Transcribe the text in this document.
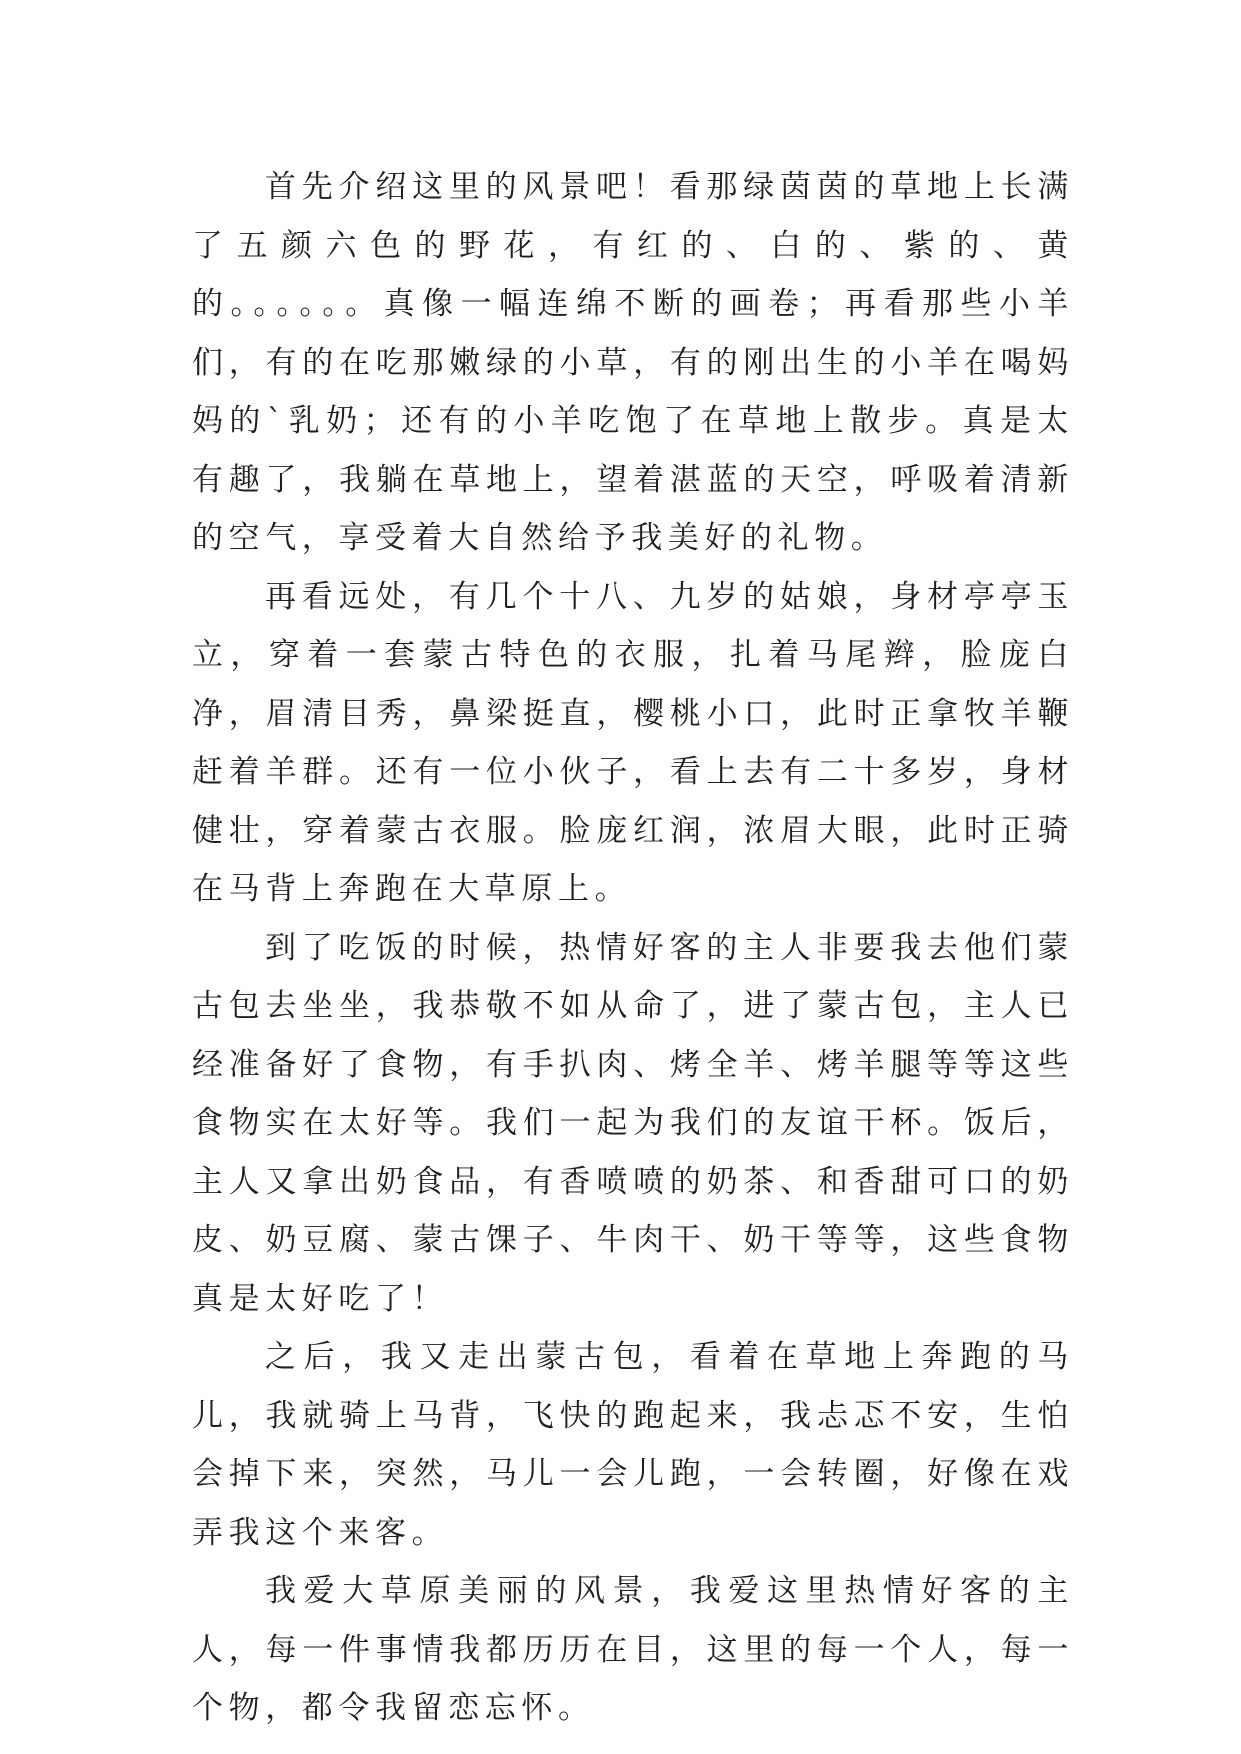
首先介绍这里的风景吧！看那绿茵茵的草地上长满了五颜六色的野花，有红的、白的、紫的、黄的。。。。。。真像一幅连绵不断的画卷；再看那些小羊们，有的在吃那嫩绿的小草，有的刚出生的小羊在喝妈妈的`乳奶；还有的小羊吃饱了在草地上散步。真是太有趣了，我躺在草地上，望着湛蓝的天空，呼吸着清新的空气，享受着大自然给予我美好的礼物。

再看远处，有几个十八、九岁的姑娘，身材亭亭玉立，穿着一套蒙古特色的衣服，扎着马尾辫，脸庞白净，眉清目秀，鼻梁挺直，樱桃小口，此时正拿牧羊鞭赶着羊群。还有一位小伙子，看上去有二十多岁，身材健壮，穿着蒙古衣服。脸庞红润，浓眉大眼，此时正骑在马背上奔跑在大草原上。

到了吃饭的时候，热情好客的主人非要我去他们蒙古包去坐坐，我恭敬不如从命了，进了蒙古包，主人已经准备好了食物，有手扒肉、烤全羊、烤羊腿等等这些食物实在太好等。我们一起为我们的友谊干杯。饭后，主人又拿出奶食品，有香喷喷的奶茶、和香甜可口的奶皮、奶豆腐、蒙古馃子、牛肉干、奶干等等，这些食物真是太好吃了！

之后，我又走出蒙古包，看着在草地上奔跑的马儿，我就骑上马背，飞快的跑起来，我忐忑不安，生怕会掉下来，突然，马儿一会儿跑，一会转圈，好像在戏弄我这个来客。

我爱大草原美丽的风景，我爱这里热情好客的主人，每一件事情我都历历在目，这里的每一个人，每一个物，都令我留恋忘怀。
